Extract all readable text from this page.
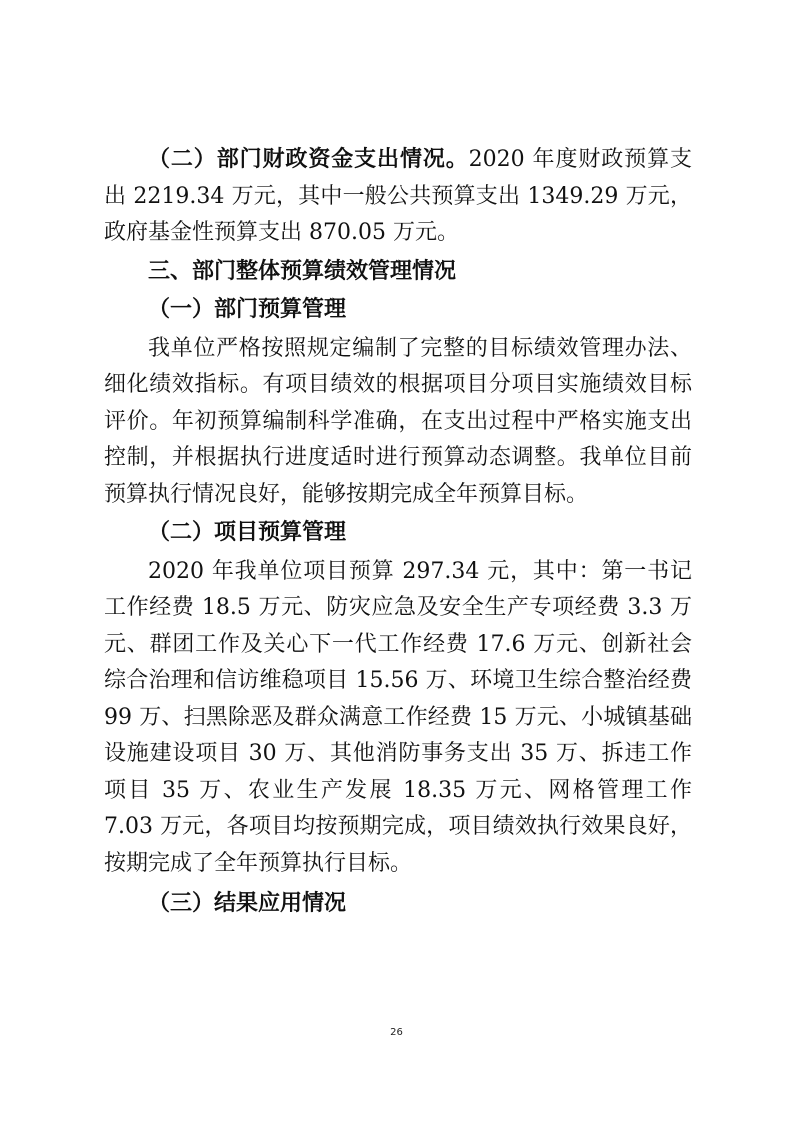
（二）部门财政资金支出情况。2020 年度财政预算支出 2219.34 万元，其中一般公共预算支出 1349.29 万元，政府基金性预算支出 870.05 万元。

三、部门整体预算绩效管理情况

（一）部门预算管理

我单位严格按照规定编制了完整的目标绩效管理办法、细化绩效指标。有项目绩效的根据项目分项目实施绩效目标评价。年初预算编制科学准确，在支出过程中严格实施支出控制，并根据执行进度适时进行预算动态调整。我单位目前预算执行情况良好，能够按期完成全年预算目标。

（二）项目预算管理

2020 年我单位项目预算 297.34 元，其中：第一书记工作经费 18.5 万元、防灾应急及安全生产专项经费 3.3 万元、群团工作及关心下一代工作经费 17.6 万元、创新社会综合治理和信访维稳项目 15.56 万、环境卫生综合整治经费 99 万、扫黑除恶及群众满意工作经费 15 万元、小城镇基础设施建设项目 30 万、其他消防事务支出 35 万、拆违工作项目 35 万、农业生产发展 18.35 万元、网格管理工作 7.03 万元，各项目均按预期完成，项目绩效执行效果良好，按期完成了全年预算执行目标。

（三）结果应用情况

26
